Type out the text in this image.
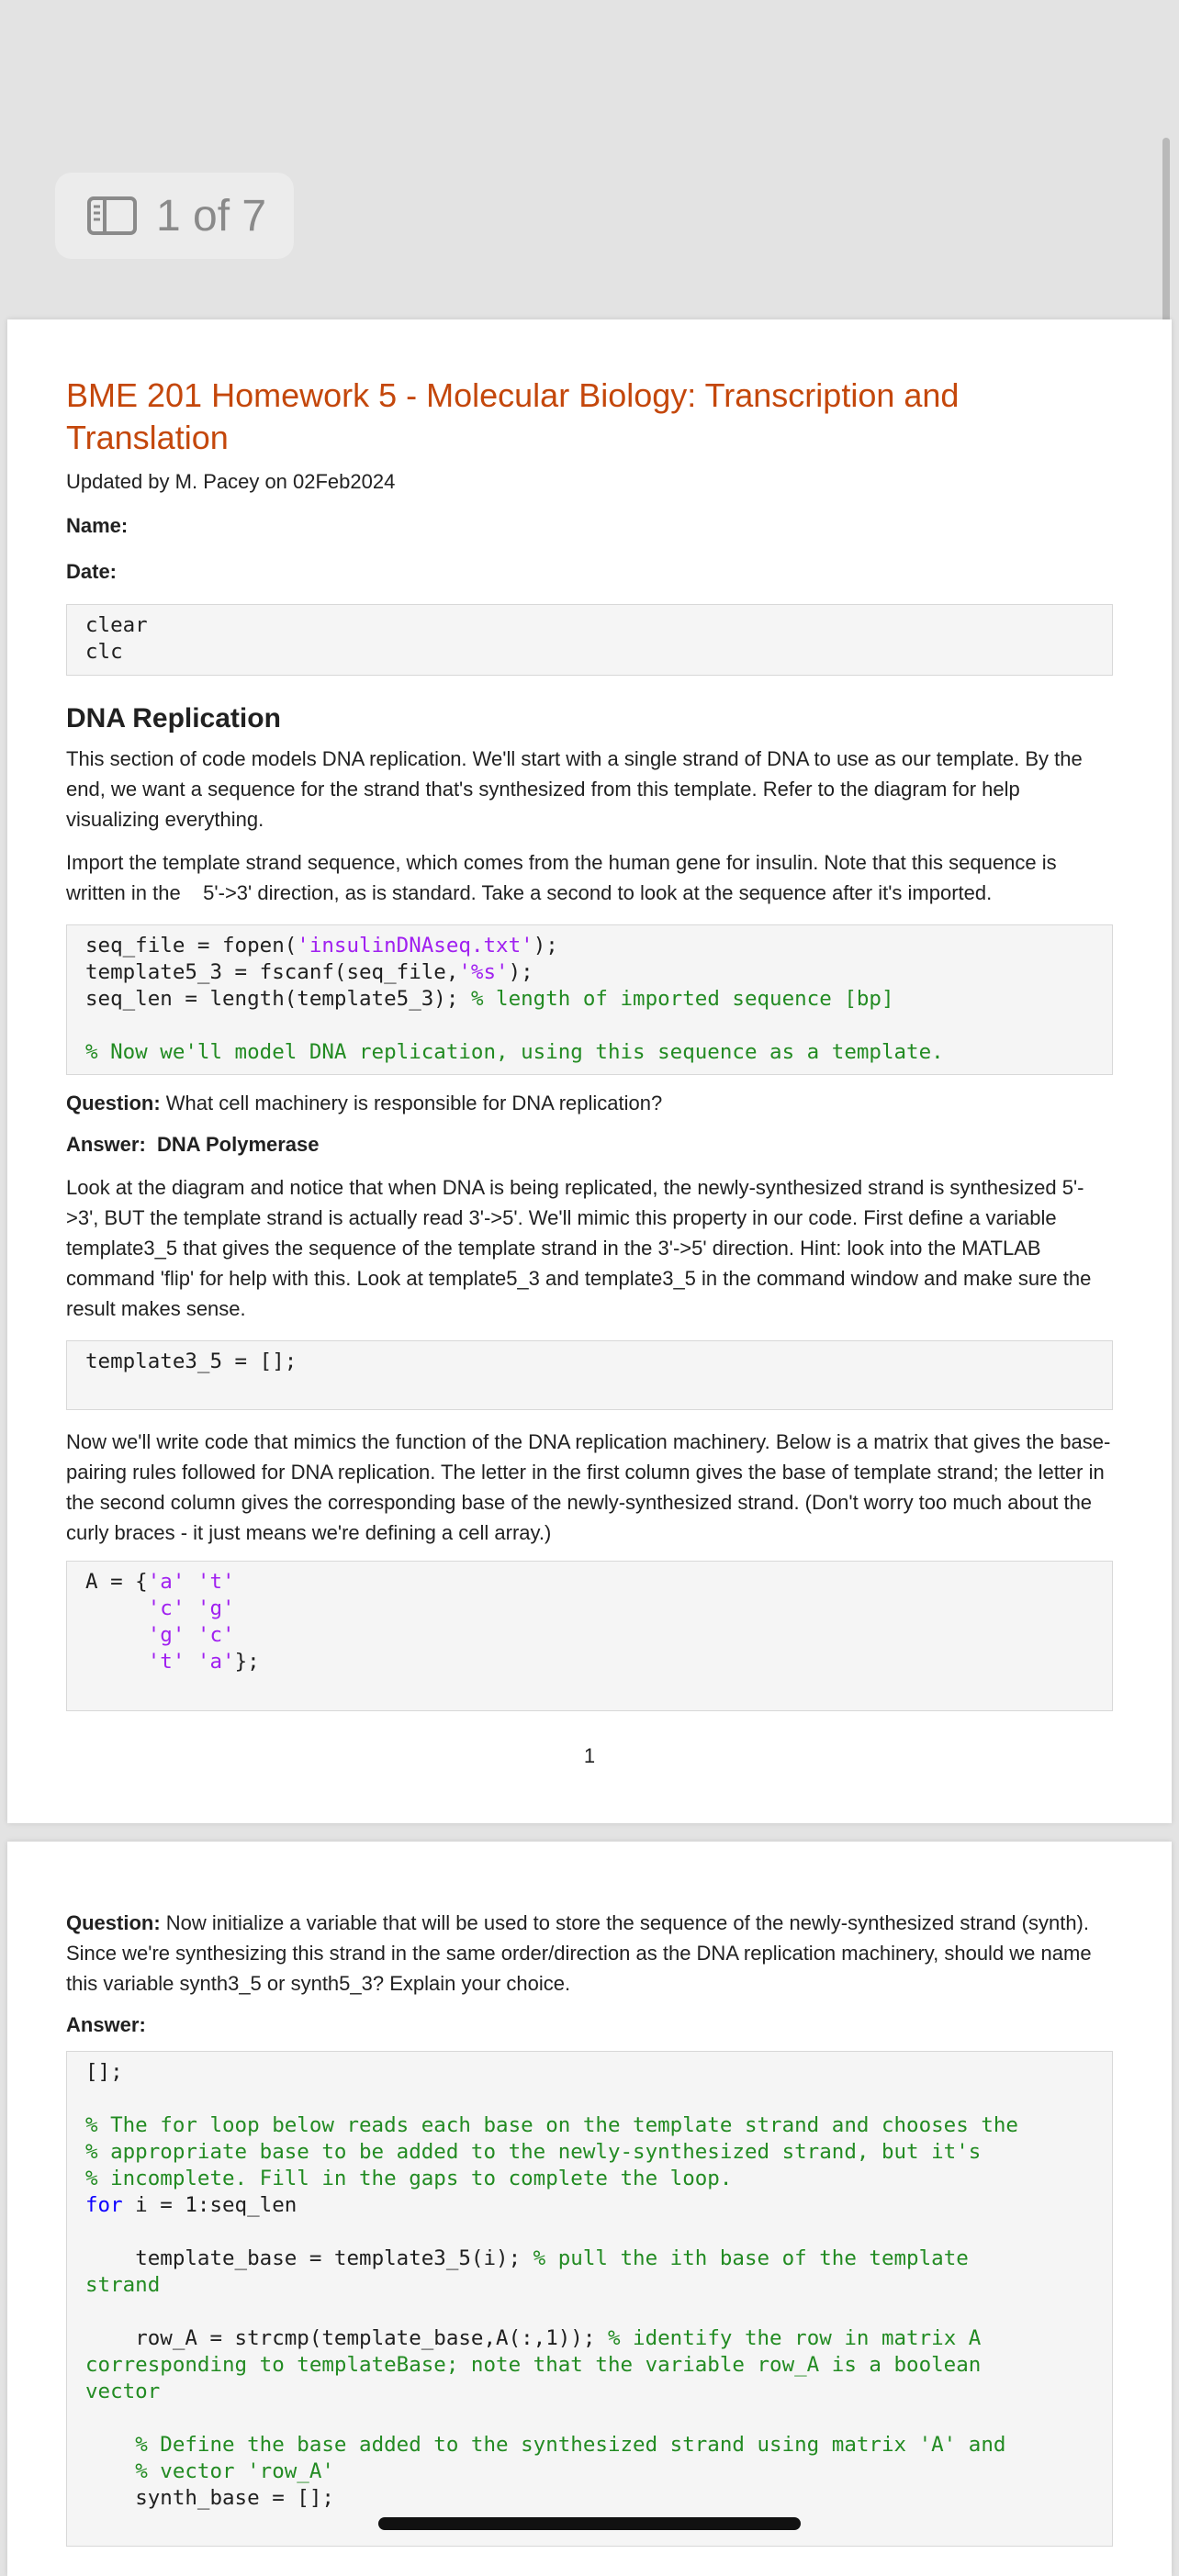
1 of 7
BME 201 Homework 5 - Molecular Biology: Transcription and Translation
Updated by M. Pacey on 02Feb2024
Name:
Date:
clear
clc
DNA Replication

This section of code models DNA replication. We'll start with a single strand of DNA to use as our template. By the end, we want a sequence for the strand that's synthesized from this template. Refer to the diagram for help visualizing everything.

Import the template strand sequence, which comes from the human gene for insulin. Note that this sequence is written in the    5'->3' direction, as is standard. Take a second to look at the sequence after it's imported.

seq_file = fopen('insulinDNAseq.txt');
template5_3 = fscanf(seq_file,'%s');
seq_len = length(template5_3); % length of imported sequence [bp]

% Now we'll model DNA replication, using this sequence as a template.

Question: What cell machinery is responsible for DNA replication?

Answer: DNA Polymerase

Look at the diagram and notice that when DNA is being replicated, the newly-synthesized strand is synthesized 5'->3', BUT the template strand is actually read 3'->5'. We'll mimic this property in our code. First define a variable template3_5 that gives the sequence of the template strand in the 3'->5' direction. Hint: look into the MATLAB command 'flip' for help with this. Look at template5_3 and template3_5 in the command window and make sure the result makes sense.

template3_5 = [];

Now we'll write code that mimics the function of the DNA replication machinery. Below is a matrix that gives the base-pairing rules followed for DNA replication. The letter in the first column gives the base of template strand; the letter in the second column gives the corresponding base of the newly-synthesized strand. (Don't worry too much about the curly braces - it just means we're defining a cell array.)

A = {'a' 't'
'c' 'g'
'g' 'c'
't' 'a'};
1

Question: Now initialize a variable that will be used to store the sequence of the newly-synthesized strand (synth). Since we're synthesizing this strand in the same order/direction as the DNA replication machinery, should we name this variable synth3_5 or synth5_3? Explain your choice.

Answer:

[];

% The for loop below reads each base on the template strand and chooses the
% appropriate base to be added to the newly-synthesized strand, but it's
% incomplete. Fill in the gaps to complete the loop.
for i = 1:seq_len

template_base = template3_5(i); % pull the ith base of the template
strand

row_A = strcmp(template_base,A(:,1)); % identify the row in matrix A
corresponding to templateBase; note that the variable row_A is a boolean
vector

% Define the base added to the synthesized strand using matrix 'A' and
% vector 'row_A'
synth_base = [];
